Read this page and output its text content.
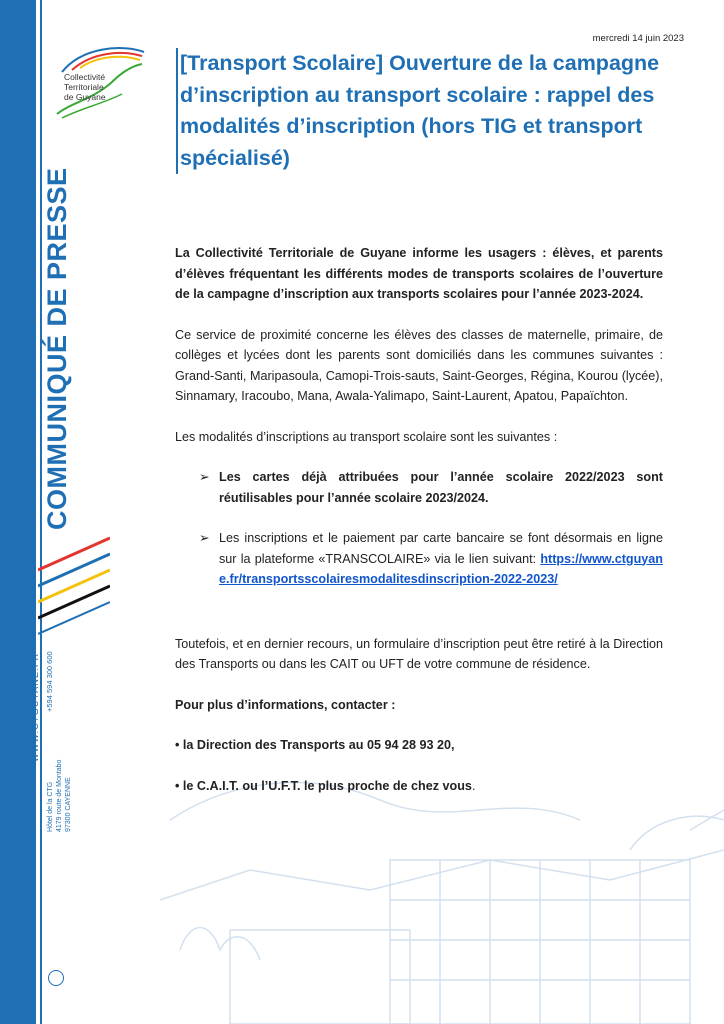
Collectivité
Territoriale
de Guyane
COMMUNIQUÉ DE PRESSE
WWW.CTGUYANE.FR +594 594 300 600
Hôtel de la CTG 4179 route de Montabo 97300 CAYENNE
mercredi 14 juin 2023
[Transport Scolaire] Ouverture de la campagne d’inscription au transport scolaire : rappel des modalités d’inscription (hors TIG et transport spécialisé)

La Collectivité Territoriale de Guyane informe les usagers : élèves, et parents d’élèves fréquentant les différents modes de transports scolaires de l’ouverture de la campagne d’inscription aux transports scolaires pour l’année 2023-2024.

Ce service de proximité concerne les élèves des classes de maternelle, primaire, de collèges et lycées dont les parents sont domiciliés dans les communes suivantes : Grand-Santi, Maripasoula, Camopi-Trois-sauts, Saint-Georges, Régina, Kourou (lycée), Sinnamary, Iracoubo, Mana, Awala-Yalimapo, Saint-Laurent, Apatou, Papaïchton.

Les modalités d’inscriptions au transport scolaire sont les suivantes :

➢ Les cartes déjà attribuées pour l’année scolaire 2022/2023 sont réutilisables pour l’année scolaire 2023/2024.
➢ Les inscriptions et le paiement par carte bancaire se font désormais en ligne sur la plateforme «TRANSCOLAIRE» via le lien suivant: https://www.ctguyane.fr/transportsscolairesmodalitesdinscription-2022-2023/

Toutefois, et en dernier recours, un formulaire d’inscription peut être retiré à la Direction des Transports ou dans les CAIT ou UFT de votre commune de résidence.

Pour plus d’informations, contacter :

• la Direction des Transports au 05 94 28 93 20,

• le C.A.I.T. ou l’U.F.T. le plus proche de chez vous.
